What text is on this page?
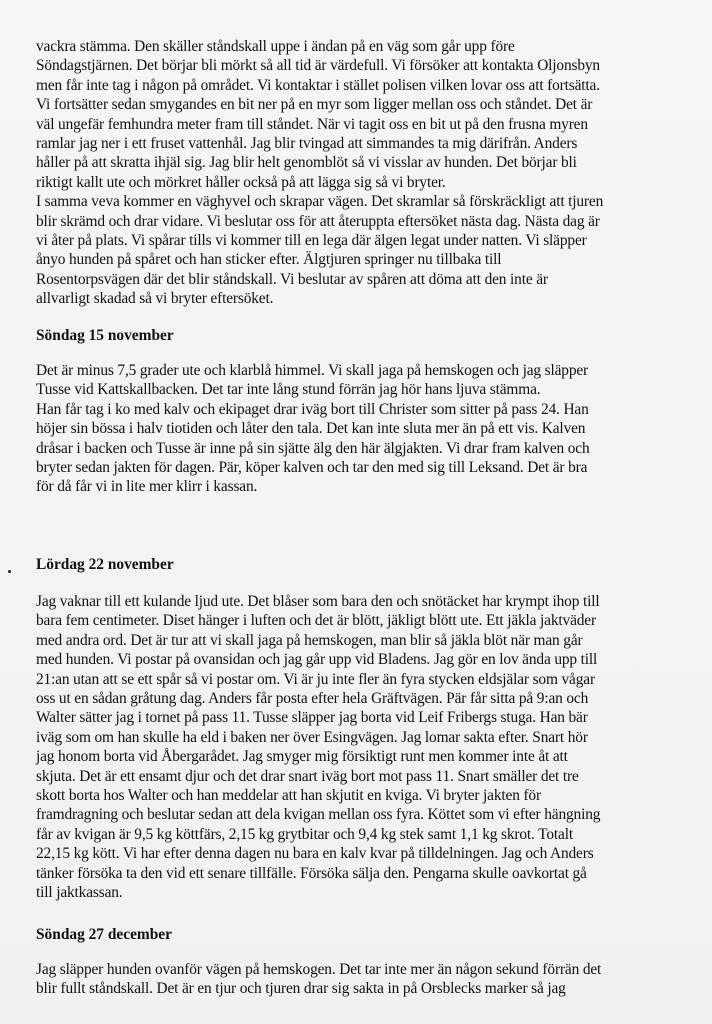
vackra stämma. Den skäller ståndskall uppe i ändan på en väg som går upp före

Söndagstjärnen. Det börjar bli mörkt så all tid är värdefull. Vi försöker att kontakta Oljonsbyn

men får inte tag i någon på området. Vi kontaktar i stället polisen vilken lovar oss att fortsätta.

Vi fortsätter sedan smygandes en bit ner på en myr som ligger mellan oss och ståndet. Det är

väl ungefär femhundra meter fram till ståndet. När vi tagit oss en bit ut på den frusna myren

ramlar jag ner i ett fruset vattenhål. Jag blir tvingad att simmandes ta mig därifrån. Anders

håller på att skratta ihjäl sig. Jag blir helt genomblöt så vi visslar av hunden. Det börjar bli

riktigt kallt ute och mörkret håller också på att lägga sig så vi bryter.

I samma veva kommer en väghyvel och skrapar vägen. Det skramlar så förskräckligt att tjuren

blir skrämd och drar vidare. Vi beslutar oss för att återuppta eftersöket nästa dag. Nästa dag är

vi åter på plats. Vi spårar tills vi kommer till en lega där älgen legat under natten. Vi släpper

ånyo hunden på spåret och han sticker efter. Älgtjuren springer nu tillbaka till

Rosentorpsvägen där det blir ståndskall. Vi beslutar av spåren att döma att den inte är

allvarligt skadad så vi bryter eftersöket.

Söndag 15 november

Det är minus 7,5 grader ute och klarblå himmel. Vi skall jaga på hemskogen och jag släpper

Tusse vid Kattskallbacken. Det tar inte lång stund förrän jag hör hans ljuva stämma.

Han får tag i ko med kalv och ekipaget drar iväg bort till Christer som sitter på pass 24. Han

höjer sin bössa i halv tiotiden och låter den tala. Det kan inte sluta mer än på ett vis. Kalven

dråsar i backen och Tusse är inne på sin sjätte älg den här älgjakten. Vi drar fram kalven och

bryter sedan jakten för dagen. Pär, köper kalven och tar den med sig till Leksand. Det är bra

för då får vi in lite mer klirr i kassan.

Lördag 22 november

Jag vaknar till ett kulande ljud ute. Det blåser som bara den och snötäcket har krympt ihop till

bara fem centimeter. Diset hänger i luften och det är blött, jäkligt blött ute. Ett jäkla jaktväder

med andra ord. Det är tur att vi skall jaga på hemskogen, man blir så jäkla blöt när man går

med hunden. Vi postar på ovansidan och jag går upp vid Bladens. Jag gör en lov ända upp till

21:an utan att se ett spår så vi postar om. Vi är ju inte fler än fyra stycken eldsjälar som vågar

oss ut en sådan gråtung dag. Anders får posta efter hela Gräftvägen. Pär får sitta på 9:an och

Walter sätter jag i tornet på pass 11. Tusse släpper jag borta vid Leif Fribergs stuga. Han bär

iväg som om han skulle ha eld i baken ner över Esingvägen. Jag lomar sakta efter. Snart hör

jag honom borta vid Åbergarådet. Jag smyger mig försiktigt runt men kommer inte åt att

skjuta. Det är ett ensamt djur och det drar snart iväg bort mot pass 11. Snart smäller det tre

skott borta hos Walter och han meddelar att han skjutit en kviga. Vi bryter jakten för

framdragning och beslutar sedan att dela kvigan mellan oss fyra. Köttet som vi efter hängning

får av kvigan är 9,5 kg köttfärs, 2,15 kg grytbitar och 9,4 kg stek samt 1,1 kg skrot. Totalt

22,15 kg kött. Vi har efter denna dagen nu bara en kalv kvar på tilldelningen. Jag och Anders

tänker försöka ta den vid ett senare tillfälle. Försöka sälja den. Pengarna skulle oavkortat gå

till jaktkassan.

Söndag 27 december

Jag släpper hunden ovanför vägen på hemskogen. Det tar inte mer än någon sekund förrän det

blir fullt ståndskall. Det är en tjur och tjuren drar sig sakta in på Orsblecks marker så jag
